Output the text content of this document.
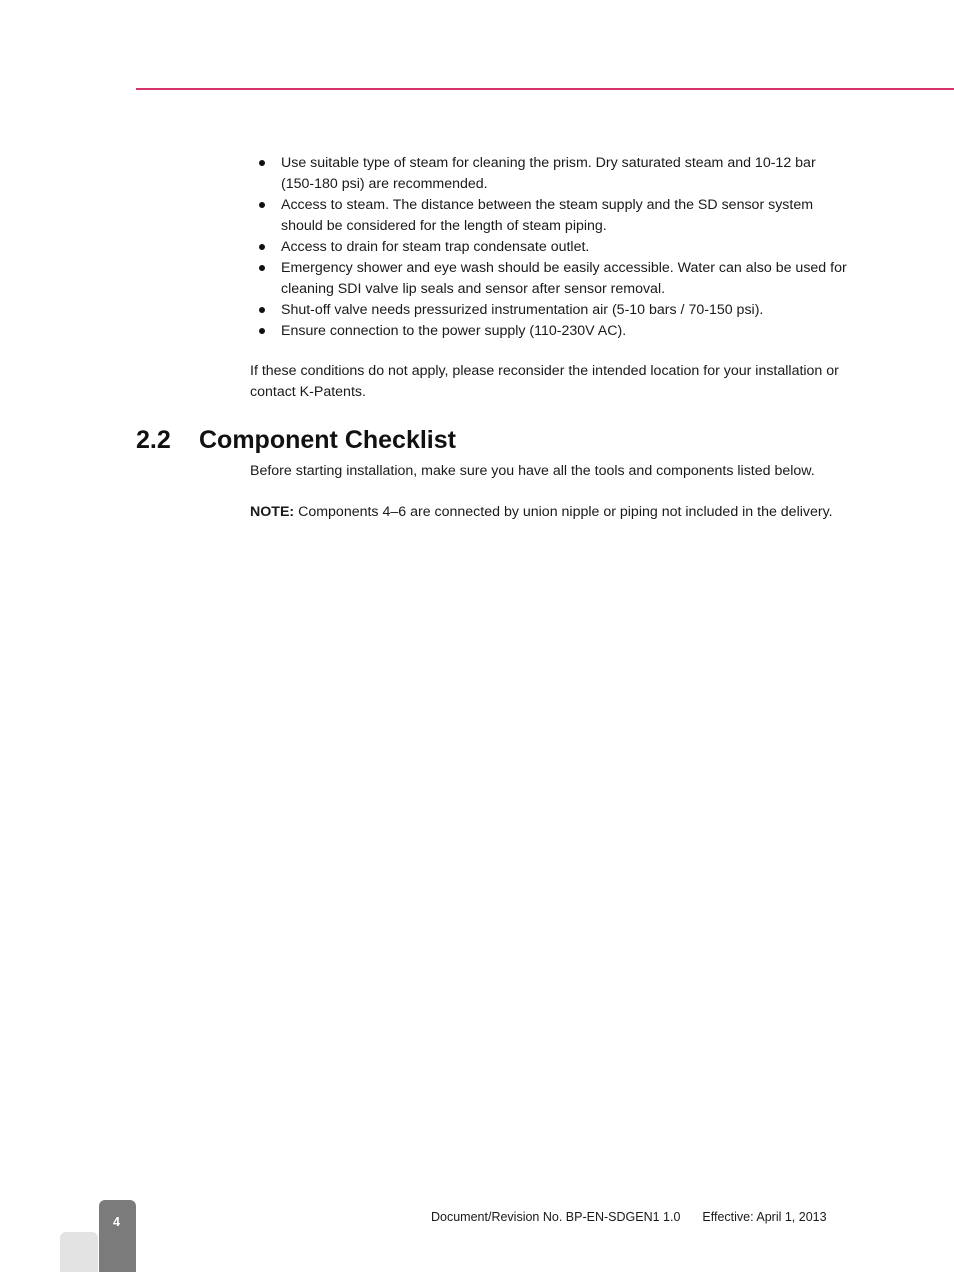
Use suitable type of steam for cleaning the prism. Dry saturated steam and 10-12 bar (150-180 psi) are recommended.
Access to steam. The distance between the steam supply and the SD sensor system should be considered for the length of steam piping.
Access to drain for steam trap condensate outlet.
Emergency shower and eye wash should be easily accessible. Water can also be used for cleaning SDI valve lip seals and sensor after sensor removal.
Shut-off valve needs pressurized instrumentation air (5-10 bars / 70-150 psi).
Ensure connection to the power supply (110-230V AC).

If these conditions do not apply, please reconsider the intended location for your installation or contact K-Patents.

2.2 Component Checklist

Before starting installation, make sure you have all the tools and components listed below.

NOTE: Components 4–6 are connected by union nipple or piping not included in the delivery.

4	Document/Revision No. BP-EN-SDGEN1 1.0 Effective: April 1, 2013
